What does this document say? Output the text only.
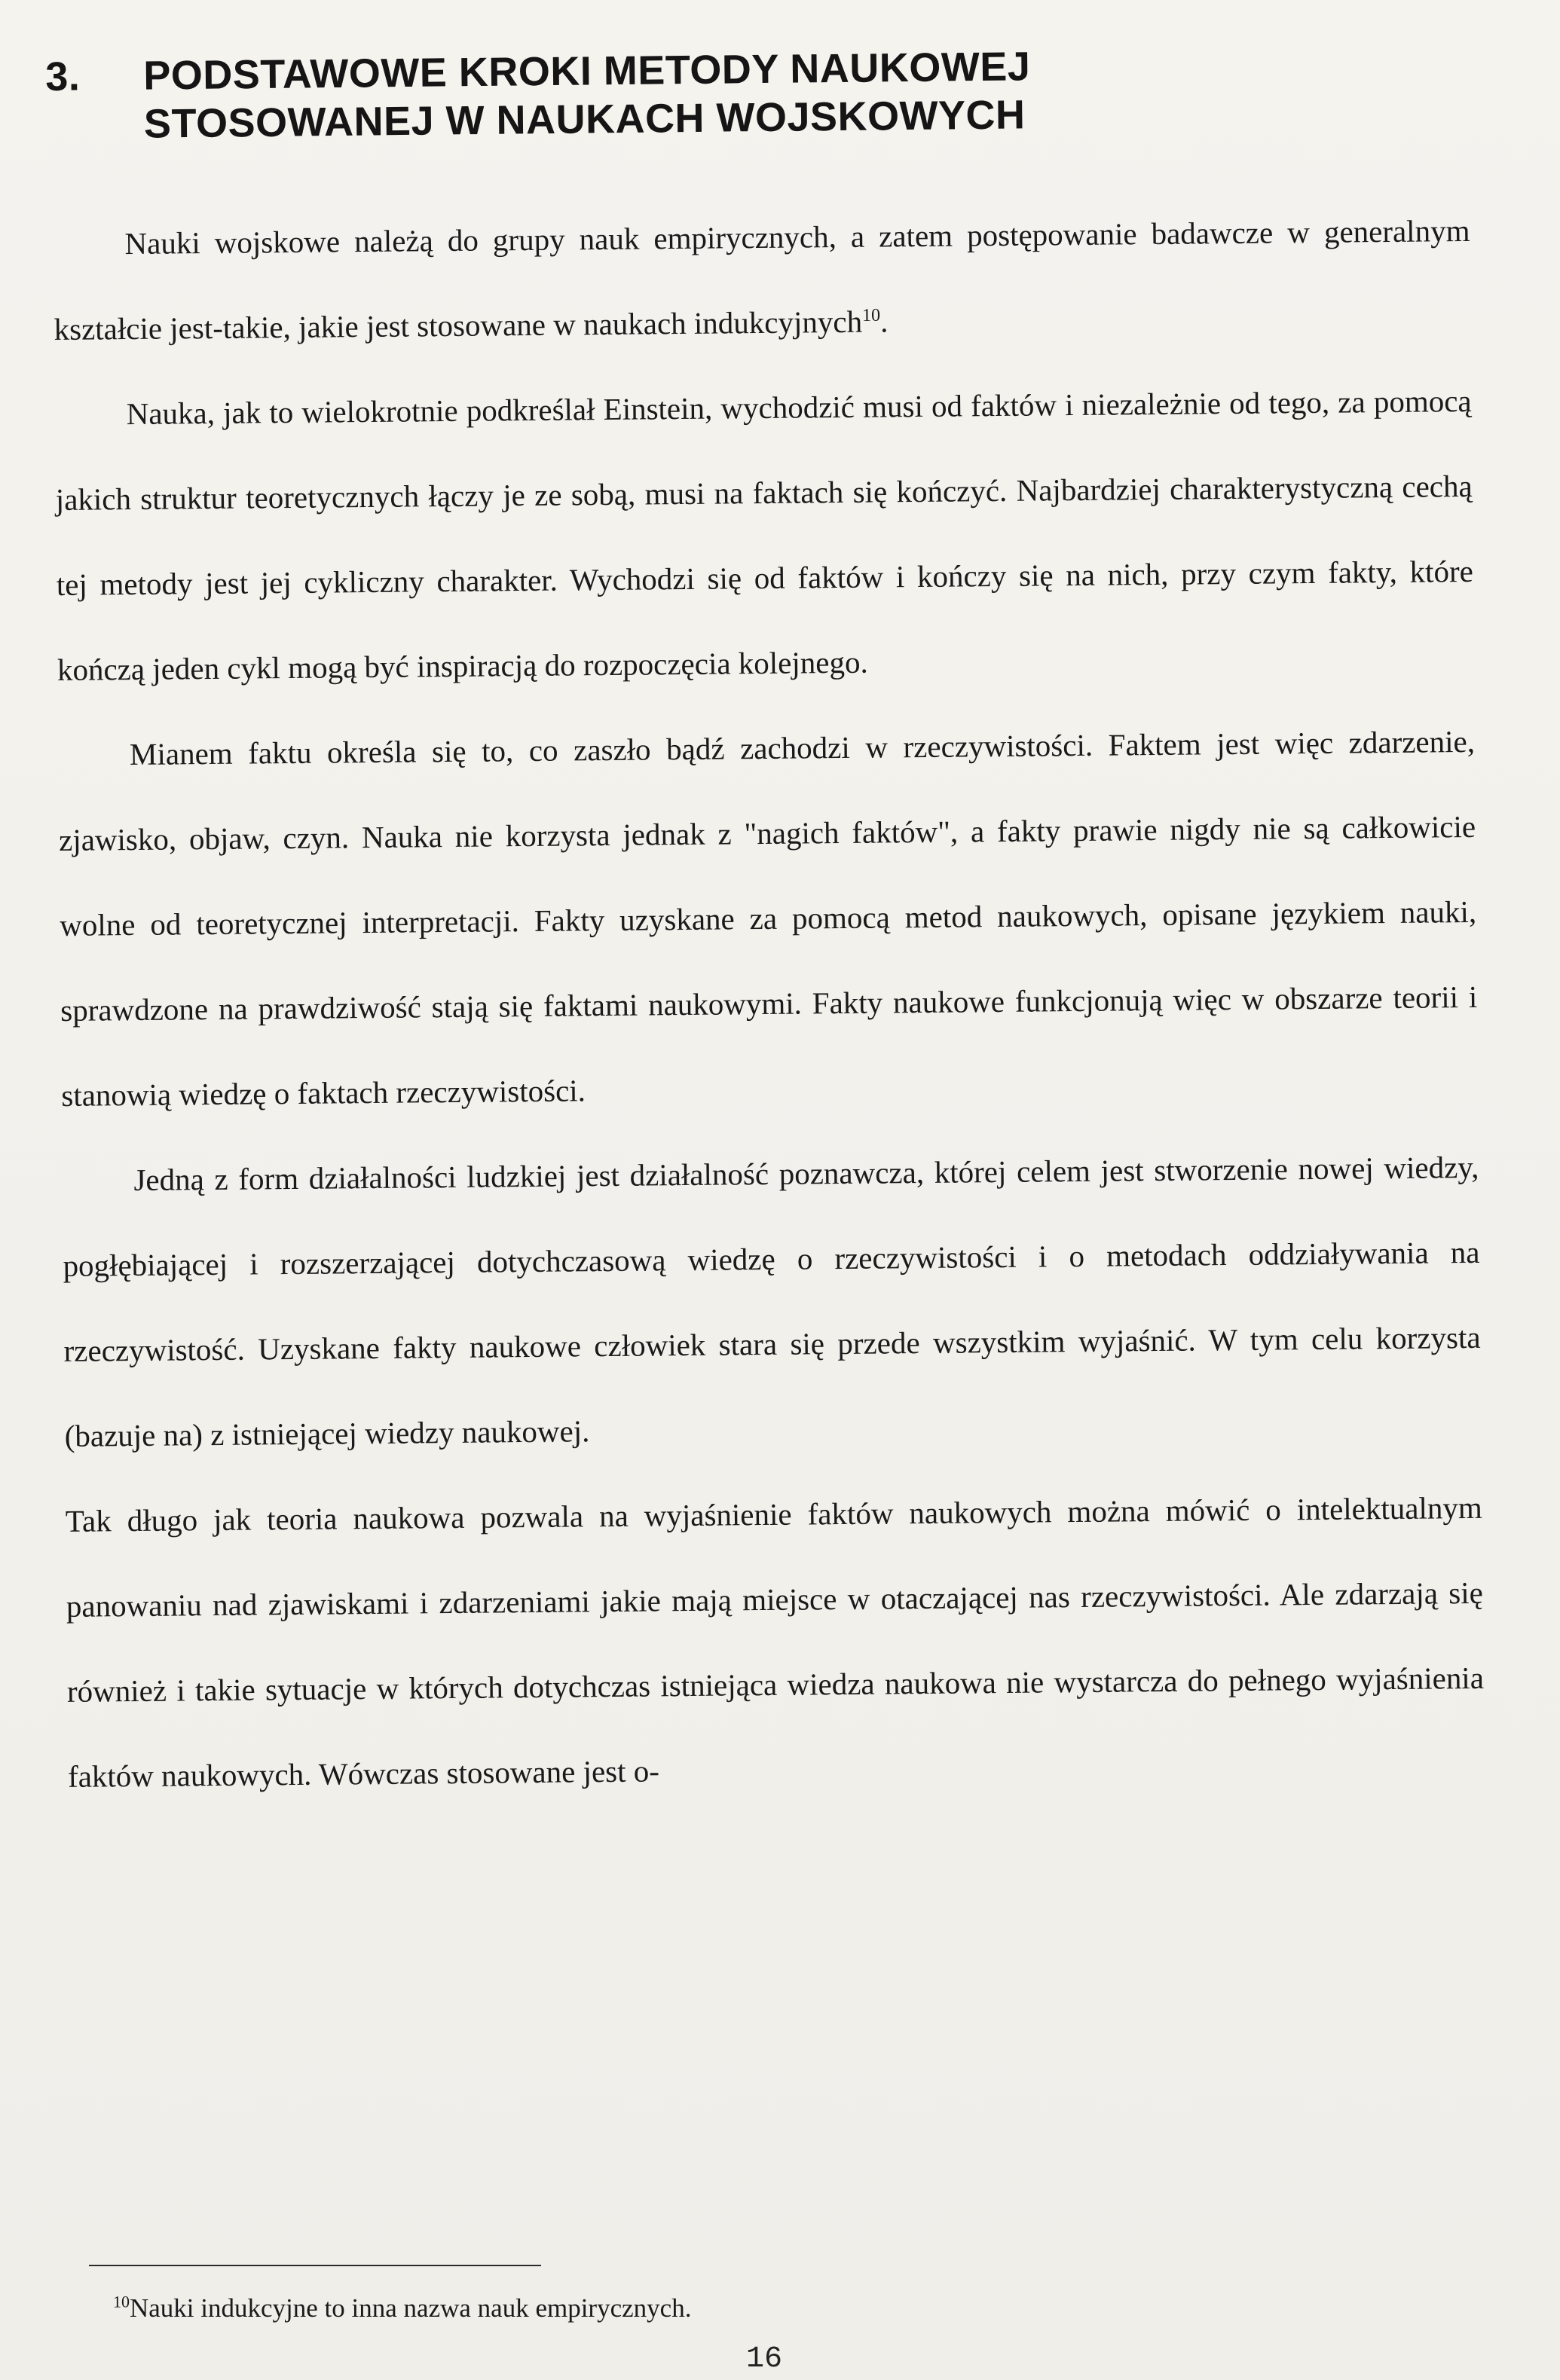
3. PODSTAWOWE KROKI METODY NAUKOWEJ
STOSOWANEJ W NAUKACH WOJSKOWYCH

Nauki wojskowe należą do grupy nauk empirycznych, a zatem postępowanie badawcze w generalnym kształcie jest-takie, jakie jest stosowane w naukach indukcyjnych$^{10}$.

Nauka, jak to wielokrotnie podkreślał Einstein, wychodzić musi od faktów i niezależnie od tego, za pomocą jakich struktur teoretycznych łączy je ze sobą, musi na faktach się kończyć. Najbardziej charakterystyczną cechą tej metody jest jej cykliczny charakter. Wychodzi się od faktów i kończy się na nich, przy czym fakty, które kończą jeden cykl mogą być inspiracją do rozpoczęcia kolejnego.

Mianem faktu określa się to, co zaszło bądź zachodzi w rzeczywistości. Faktem jest więc zdarzenie, zjawisko, objaw, czyn. Nauka nie korzysta jednak z "nagich faktów", a fakty prawie nigdy nie są całkowicie wolne od teoretycznej interpretacji. Fakty uzyskane za pomocą metod naukowych, opisane językiem nauki, sprawdzone na prawdziwość stają się faktami naukowymi. Fakty naukowe funkcjonują więc w obszarze teorii i stanowią wiedzę o faktach rzeczywistości.

Jedną z form działalności ludzkiej jest działalność poznawcza, której celem jest stworzenie nowej wiedzy, pogłębiającej i rozszerzającej dotychczasową wiedzę o rzeczywistości i o metodach oddziaływania na rzeczywistość. Uzyskane fakty naukowe człowiek stara się przede wszystkim wyjaśnić. W tym celu korzysta (bazuje na) z istniejącej wiedzy naukowej.

Tak długo jak teoria naukowa pozwala na wyjaśnienie faktów naukowych można mówić o intelektualnym panowaniu nad zjawiskami i zdarzeniami jakie mają miejsce w otaczającej nas rzeczywistości. Ale zdarzają się również i takie sytuacje w których dotychczas istniejąca wiedza naukowa nie wystarcza do pełnego wyjaśnienia faktów naukowych. Wówczas stosowane jest o-

$^{10}$Nauki indukcyjne to inna nazwa nauk empirycznych.
16
